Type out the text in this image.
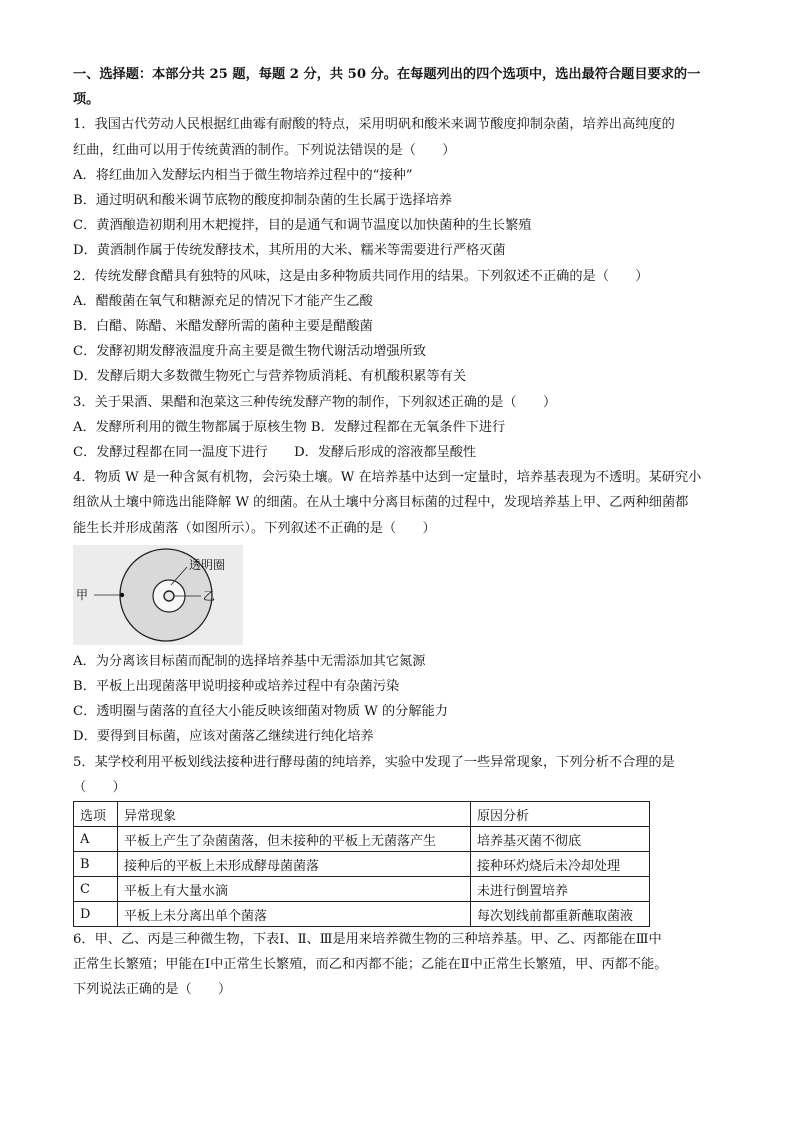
一、选择题：本部分共 25 题，每题 2 分，共 50 分。在每题列出的四个选项中，选出最符合题目要求的一
项。
1．我国古代劳动人民根据红曲霉有耐酸的特点，采用明矾和酸米来调节酸度抑制杂菌，培养出高纯度的
红曲，红曲可以用于传统黄酒的制作。下列说法错误的是（　　）
A．将红曲加入发酵坛内相当于微生物培养过程中的“接种”
B．通过明矾和酸米调节底物的酸度抑制杂菌的生长属于选择培养
C．黄酒酿造初期利用木耙搅拌，目的是通气和调节温度以加快菌种的生长繁殖
D．黄酒制作属于传统发酵技术，其所用的大米、糯米等需要进行严格灭菌
2．传统发酵食醋具有独特的风味，这是由多种物质共同作用的结果。下列叙述不正确的是（　　）
A．醋酸菌在氧气和糖源充足的情况下才能产生乙酸
B．白醋、陈醋、米醋发酵所需的菌种主要是醋酸菌
C．发酵初期发酵液温度升高主要是微生物代谢活动增强所致
D．发酵后期大多数微生物死亡与营养物质消耗、有机酸积累等有关
3．关于果酒、果醋和泡菜这三种传统发酵产物的制作，下列叙述正确的是（　　）
A．发酵所利用的微生物都属于原核生物 B．发酵过程都在无氧条件下进行
C．发酵过程都在同一温度下进行　　D．发酵后形成的溶液都呈酸性
4．物质 W 是一种含氮有机物，会污染土壤。W 在培养基中达到一定量时，培养基表现为不透明。某研究小
组欲从土壤中筛选出能降解 W 的细菌。在从土壤中分离目标菌的过程中，发现培养基上甲、乙两种细菌都
能生长并形成菌落（如图所示）。下列叙述不正确的是（　　）
透明圈
甲	乙
A．为分离该目标菌而配制的选择培养基中无需添加其它氮源
B．平板上出现菌落甲说明接种或培养过程中有杂菌污染
C．透明圈与菌落的直径大小能反映该细菌对物质 W 的分解能力
D．要得到目标菌，应该对菌落乙继续进行纯化培养
5．某学校利用平板划线法接种进行酵母菌的纯培养，实验中发现了一些异常现象，下列分析不合理的是
（　　）
选项	异常现象	原因分析
A	平板上产生了杂菌菌落，但未接种的平板上无菌落产生	培养基灭菌不彻底
B	接种后的平板上未形成酵母菌菌落	接种环灼烧后未冷却处理
C	平板上有大量水滴	未进行倒置培养
D	平板上未分离出单个菌落	每次划线前都重新蘸取菌液
6．甲、乙、丙是三种微生物，下表Ⅰ、Ⅱ、Ⅲ是用来培养微生物的三种培养基。甲、乙、丙都能在Ⅲ中
正常生长繁殖；甲能在Ⅰ中正常生长繁殖，而乙和丙都不能；乙能在Ⅱ中正常生长繁殖，甲、丙都不能。
下列说法正确的是（　　）
